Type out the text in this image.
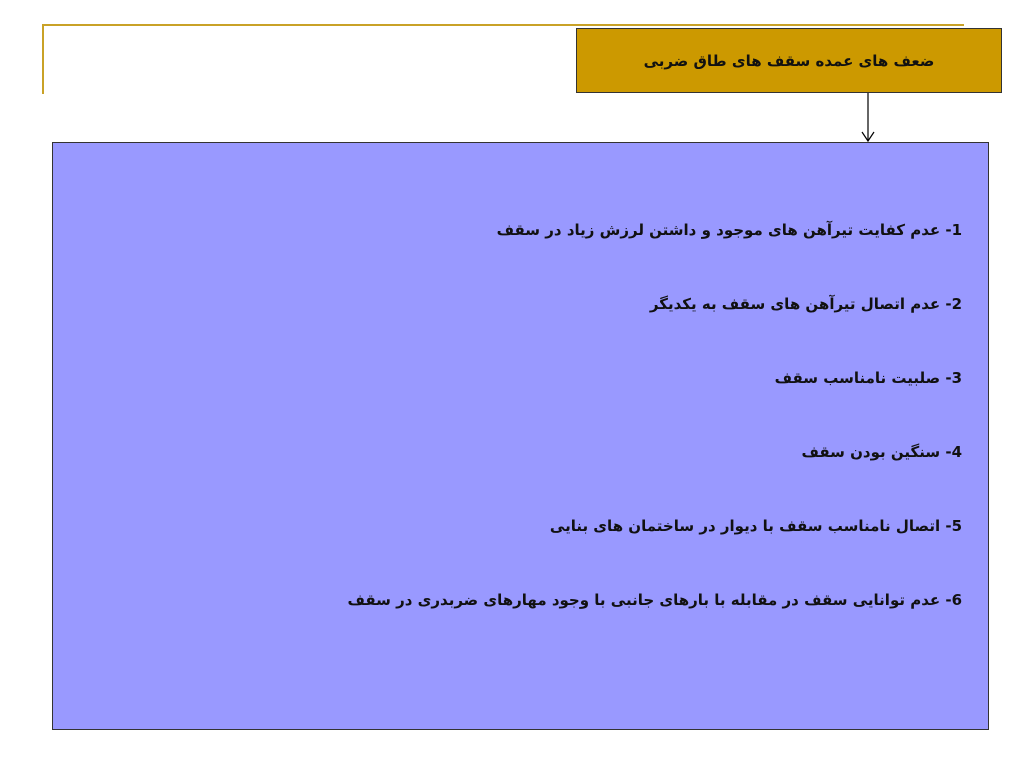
ضعف های عمده سقف های طاق ضربی
1- عدم کفایت تیرآهن های موجود و داشتن لرزش زیاد در سقف
2- عدم اتصال تیرآهن های سقف به یکدیگر
3- صلبیت نامناسب سقف
4- سنگین بودن سقف
5- اتصال نامناسب سقف با دیوار در ساختمان های بنایی
6- عدم توانایی سقف در مقابله با بارهای جانبی با وجود مهارهای ضربدری در سقف
